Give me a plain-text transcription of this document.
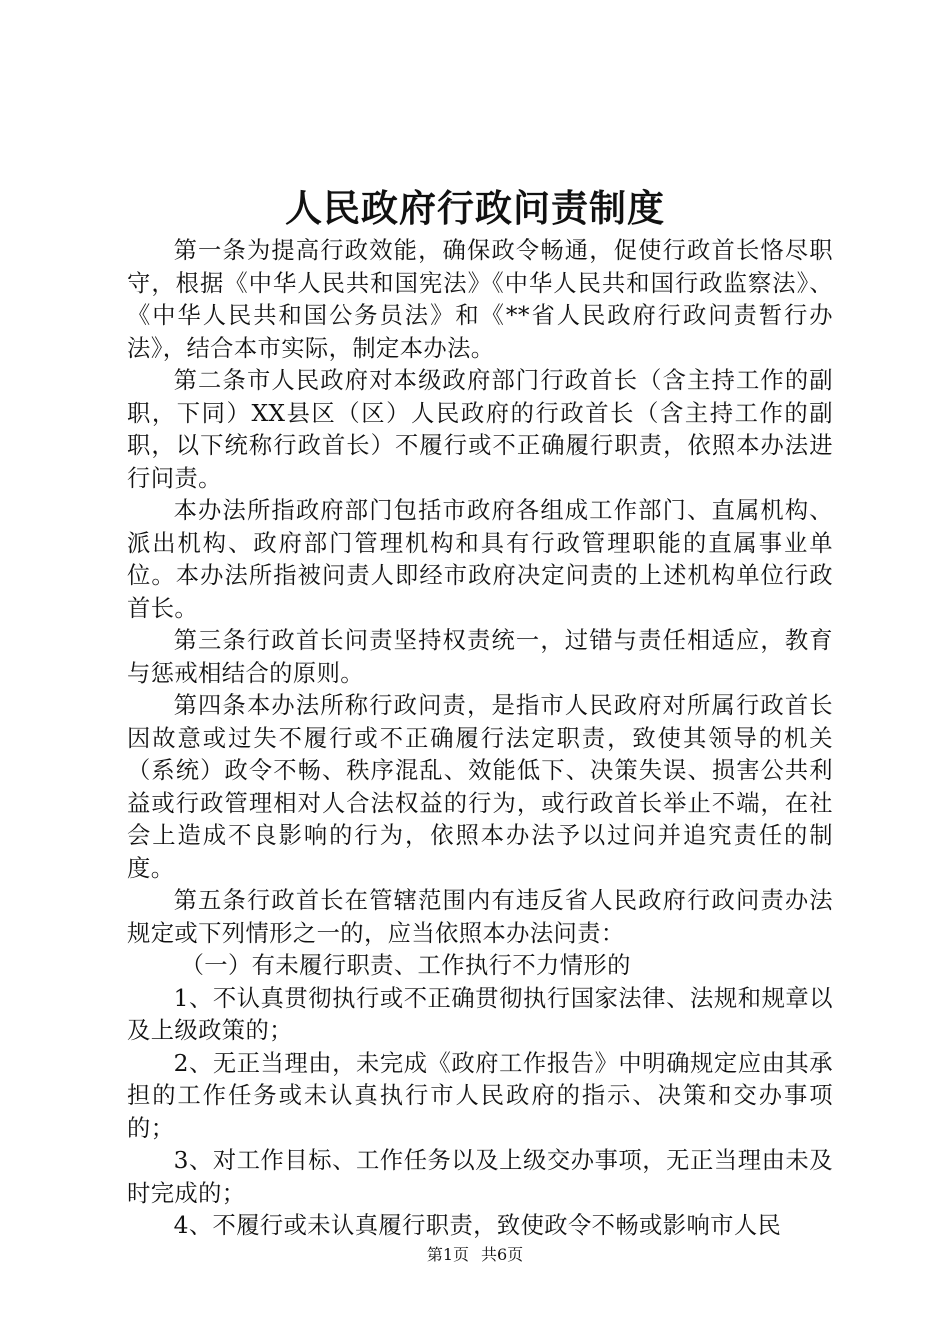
人民政府行政问责制度

第一条为提高行政效能，确保政令畅通，促使行政首长恪尽职守，根据《中华人民共和国宪法》《中华人民共和国行政监察法》、《中华人民共和国公务员法》和《**省人民政府行政问责暂行办法》，结合本市实际，制定本办法。

第二条市人民政府对本级政府部门行政首长（含主持工作的副职，下同）XX县区（区）人民政府的行政首长（含主持工作的副职，以下统称行政首长）不履行或不正确履行职责，依照本办法进行问责。

本办法所指政府部门包括市政府各组成工作部门、直属机构、派出机构、政府部门管理机构和具有行政管理职能的直属事业单位。本办法所指被问责人即经市政府决定问责的上述机构单位行政首长。

第三条行政首长问责坚持权责统一，过错与责任相适应，教育与惩戒相结合的原则。

第四条本办法所称行政问责，是指市人民政府对所属行政首长因故意或过失不履行或不正确履行法定职责，致使其领导的机关（系统）政令不畅、秩序混乱、效能低下、决策失误、损害公共利益或行政管理相对人合法权益的行为，或行政首长举止不端，在社会上造成不良影响的行为，依照本办法予以过问并追究责任的制度。

第五条行政首长在管辖范围内有违反省人民政府行政问责办法规定或下列情形之一的，应当依照本办法问责：

（一）有未履行职责、工作执行不力情形的

1、不认真贯彻执行或不正确贯彻执行国家法律、法规和规章以及上级政策的；

2、无正当理由，未完成《政府工作报告》中明确规定应由其承担的工作任务或未认真执行市人民政府的指示、决策和交办事项的；

3、对工作目标、工作任务以及上级交办事项，无正当理由未及时完成的；

4、不履行或未认真履行职责，致使政令不畅或影响市人民

第1页 共6页
